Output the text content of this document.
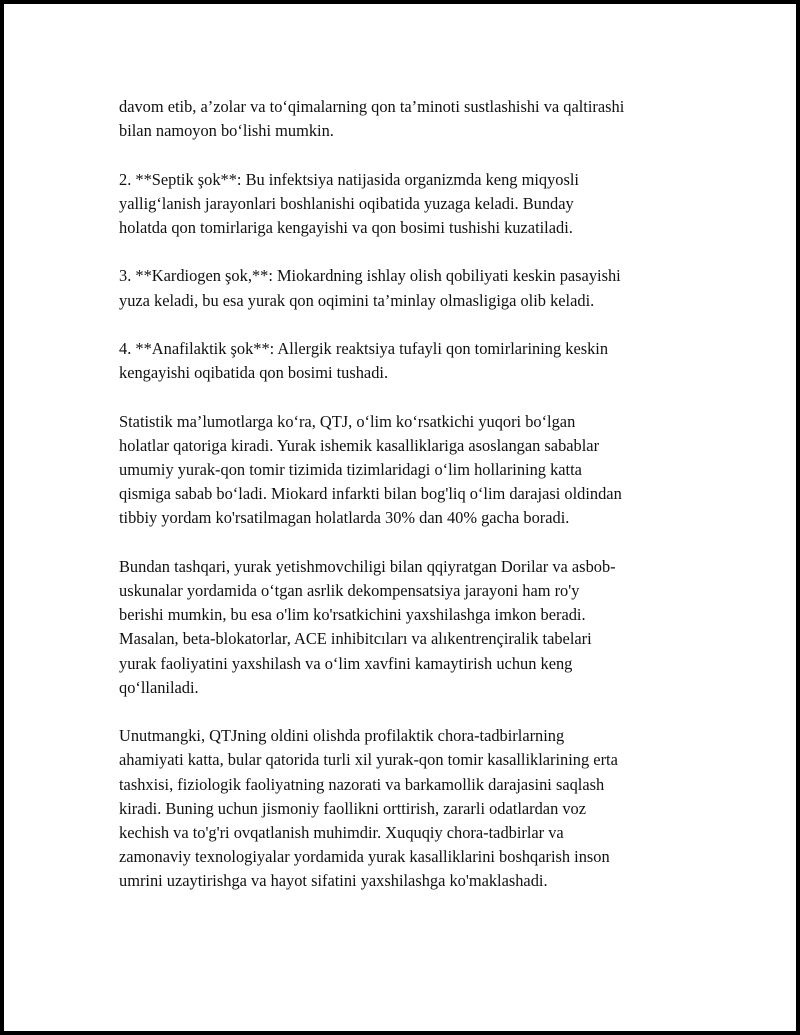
davom etib, a’zolar va toʻqimalarning qon ta’minoti sustlashishi va qaltirashi
bilan namoyon boʻlishi mumkin.

2. **Septik şok**: Bu infektsiya natijasida organizmda keng miqyosli
yalligʻlanish jarayonlari boshlanishi oqibatida yuzaga keladi. Bunday
holatda qon tomirlariga kengayishi va qon bosimi tushishi kuzatiladi.

3. **Kardiogen şok,**: Miokardning ishlay olish qobiliyati keskin pasayishi
yuza keladi, bu esa yurak qon oqimini ta’minlay olmasligiga olib keladi.

4. **Anafilaktik şok**: Allergik reaktsiya tufayli qon tomirlarining keskin
kengayishi oqibatida qon bosimi tushadi.

Statistik ma’lumotlarga koʻra, QTJ, oʻlim koʻrsatkichi yuqori boʻlgan
holatlar qatoriga kiradi. Yurak ishemik kasalliklariga asoslangan sabablar
umumiy yurak-qon tomir tizimida tizimlaridagi oʻlim hollarining katta
qismiga sabab boʻladi. Miokard infarkti bilan bog'liq oʻlim darajasi oldindan
tibbiy yordam ko'rsatilmagan holatlarda 30% dan 40% gacha boradi.

Bundan tashqari, yurak yetishmovchiligi bilan qqiyratgan Dorilar va asbob-
uskunalar yordamida oʻtgan asrlik dekompensatsiya jarayoni ham ro'y
berishi mumkin, bu esa o'lim ko'rsatkichini yaxshilashga imkon beradi.
Masalan, beta-blokatorlar, ACE inhibitcıları va alıkentrençiralik tabelari
yurak faoliyatini yaxshilash va oʻlim xavfini kamaytirish uchun keng
qoʻllaniladi.

Unutmangki, QTJning oldini olishda profilaktik chora-tadbirlarning
ahamiyati katta, bular qatorida turli xil yurak-qon tomir kasalliklarining erta
tashxisi, fiziologik faoliyatning nazorati va barkamollik darajasini saqlash
kiradi. Buning uchun jismoniy faollikni orttirish, zararli odatlardan voz
kechish va to'g'ri ovqatlanish muhimdir. Xuquqiy chora-tadbirlar va
zamonaviy texnologiyalar yordamida yurak kasalliklarini boshqarish inson
umrini uzaytirishga va hayot sifatini yaxshilashga ko'maklashadi.
